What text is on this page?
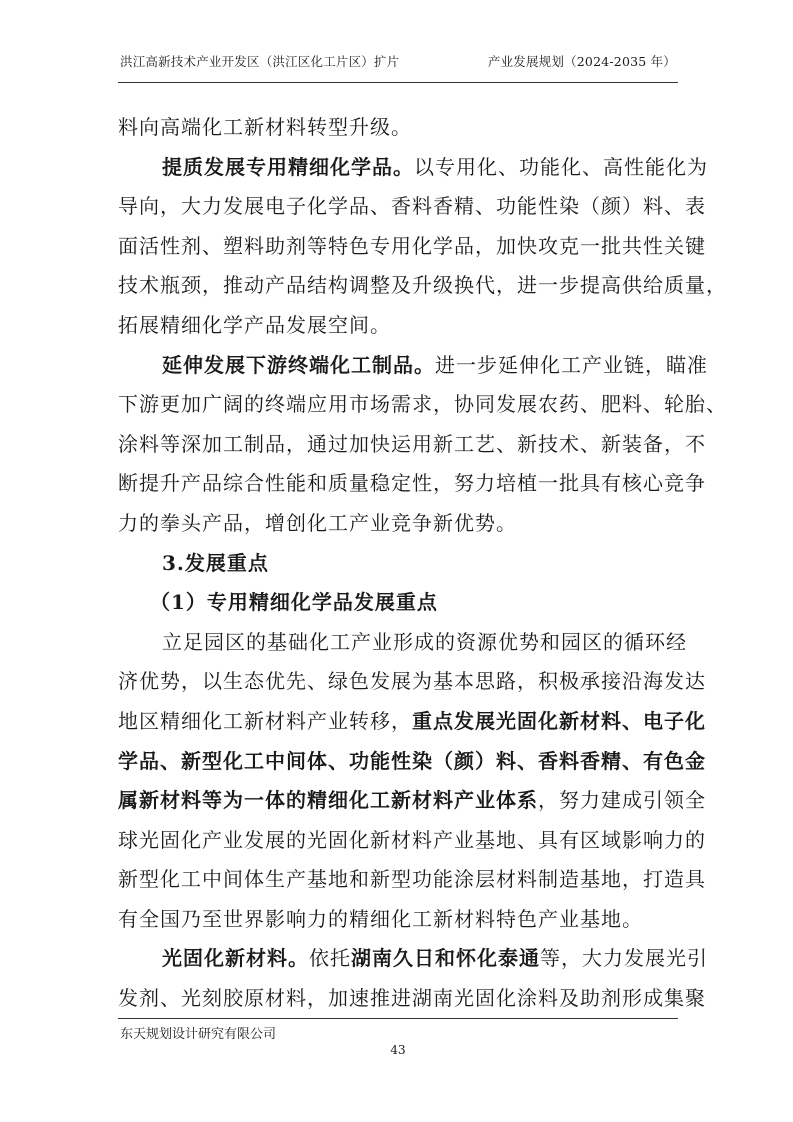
洪江高新技术产业开发区（洪江区化工片区）扩片	产业发展规划（2024-2035 年）
料向高端化工新材料转型升级。
提质发展专用精细化学品。以专用化、功能化、高性能化为
导向，大力发展电子化学品、香料香精、功能性染（颜）料、表
面活性剂、塑料助剂等特色专用化学品，加快攻克一批共性关键
技术瓶颈，推动产品结构调整及升级换代，进一步提高供给质量，
拓展精细化学产品发展空间。
延伸发展下游终端化工制品。进一步延伸化工产业链，瞄准
下游更加广阔的终端应用市场需求，协同发展农药、肥料、轮胎、
涂料等深加工制品，通过加快运用新工艺、新技术、新装备，不
断提升产品综合性能和质量稳定性，努力培植一批具有核心竞争
力的拳头产品，增创化工产业竞争新优势。
3.发展重点
（1）专用精细化学品发展重点
立足园区的基础化工产业形成的资源优势和园区的循环经
济优势，以生态优先、绿色发展为基本思路，积极承接沿海发达
地区精细化工新材料产业转移，重点发展光固化新材料、电子化
学品、新型化工中间体、功能性染（颜）料、香料香精、有色金
属新材料等为一体的精细化工新材料产业体系，努力建成引领全
球光固化产业发展的光固化新材料产业基地、具有区域影响力的
新型化工中间体生产基地和新型功能涂层材料制造基地，打造具
有全国乃至世界影响力的精细化工新材料特色产业基地。
光固化新材料。依托湖南久日和怀化泰通等，大力发展光引
发剂、光刻胶原材料，加速推进湖南光固化涂料及助剂形成集聚
东天规划设计研究有限公司
43
